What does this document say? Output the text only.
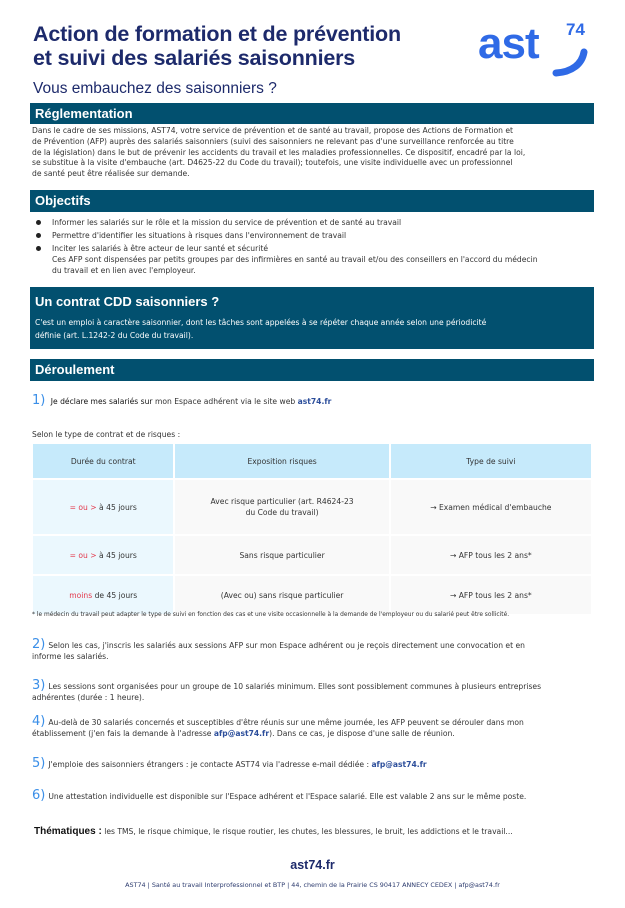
Action de formation et de prévention
et suivi des salariés saisonniers	ast 74
Vous embauchez des saisonniers ?
Réglementation
Dans le cadre de ses missions, AST74, votre service de prévention et de santé au travail, propose des Actions de Formation et
de Prévention (AFP) auprès des salariés saisonniers (suivi des saisonniers ne relevant pas d'une surveillance renforcée au titre
de la législation) dans le but de prévenir les accidents du travail et les maladies professionnelles. Ce dispositif, encadré par la loi,
se substitue à la visite d'embauche (art. D4625-22 du Code du travail); toutefois, une visite individuelle avec un professionnel
de santé peut être réalisée sur demande.
Objectifs
Informer les salariés sur le rôle et la mission du service de prévention et de santé au travail
Permettre d'identifier les situations à risques dans l'environnement de travail
Inciter les salariés à être acteur de leur santé et sécurité
Ces AFP sont dispensées par petits groupes par des infirmières en santé au travail et/ou des conseillers en l'accord du médecin
du travail et en lien avec l'employeur.
Un contrat CDD saisonniers ?
C'est un emploi à caractère saisonnier, dont les tâches sont appelées à se répéter chaque année selon une périodicité
définie (art. L.1242-2 du Code du travail).
Déroulement
1) Je déclare mes salariés sur mon Espace adhérent via le site web ast74.fr
Selon le type de contrat et de risques :
Durée du contrat	Exposition risques	Type de suivi
= ou > à 45 jours	Avec risque particulier (art. R4624-23
du Code du travail)	→ Examen médical d'embauche
= ou > à 45 jours	Sans risque particulier	→ AFP tous les 2 ans*
moins de 45 jours	(Avec ou) sans risque particulier	→ AFP tous les 2 ans*
* le médecin du travail peut adapter le type de suivi en fonction des cas et une visite occasionnelle à la demande de l'employeur ou du salarié peut être sollicité.
2) Selon les cas, j'inscris les salariés aux sessions AFP sur mon Espace adhérent ou je reçois directement une convocation et en
informe les salariés.
3) Les sessions sont organisées pour un groupe de 10 salariés minimum. Elles sont possiblement communes à plusieurs entreprises
adhérentes (durée : 1 heure).
4) Au-delà de 30 salariés concernés et susceptibles d'être réunis sur une même journée, les AFP peuvent se dérouler dans mon
établissement (j'en fais la demande à l'adresse afp@ast74.fr). Dans ce cas, je dispose d'une salle de réunion.
5) J'emploie des saisonniers étrangers : je contacte AST74 via l'adresse e-mail dédiée : afp@ast74.fr
6) Une attestation individuelle est disponible sur l'Espace adhérent et l'Espace salarié. Elle est valable 2 ans sur le même poste.
Thématiques : les TMS, le risque chimique, le risque routier, les chutes, les blessures, le bruit, les addictions et le travail...
ast74.fr
AST74 | Santé au travail Interprofessionnel et BTP | 44, chemin de la Prairie CS 90417 ANNECY CEDEX | afp@ast74.fr
